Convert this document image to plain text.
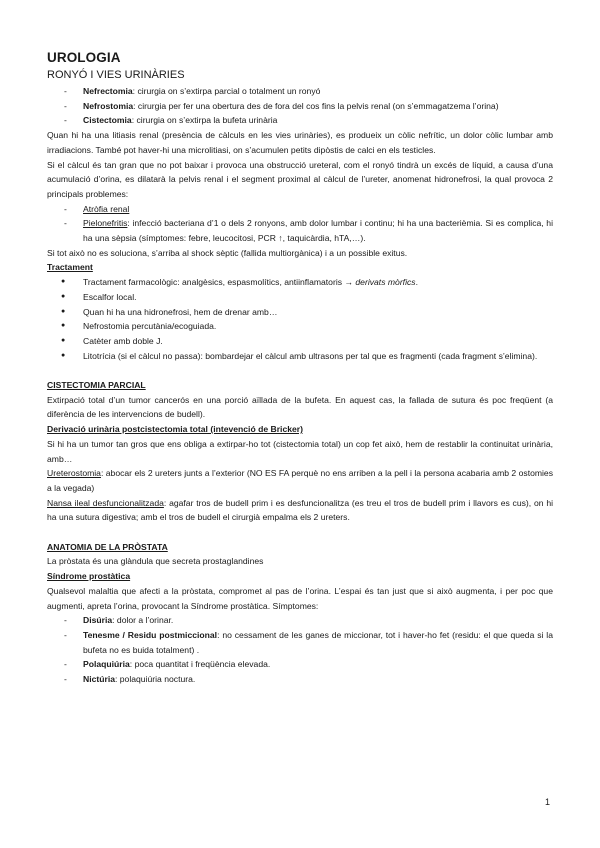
UROLOGIA
RONYÓ I VIES URINÀRIES
- Nefrectomia: cirurgia on s’extirpa parcial o totalment un ronyó
- Nefrostomia: cirurgia per fer una obertura des de fora del cos fins la pelvis renal (on s’emmagatzema l’orina)
- Cistectomia: cirurgia on s’extirpa la bufeta urinària

Quan hi ha una litiasis renal (presència de càlculs en les vies urinàries), es produeix un còlic nefrític, un dolor còlic lumbar amb irradiacions. També pot haver-hi una microlitiasi, on s’acumulen petits dipòstis de calci en els testicles.

Si el càlcul és tan gran que no pot baixar i provoca una obstrucció ureteral, com el ronyó tindrà un excés de líquid, a causa d’una acumulació d’orina, es dilatarà la pelvis renal i el segment proximal al càlcul de l’ureter, anomenat hidronefrosi, la qual provoca 2 principals problemes:

- Atròfia renal
- Pielonefritis: infecció bacteriana d’1 o dels 2 ronyons, amb dolor lumbar i continu; hi ha una bacterièmia. Si es complica, hi ha una sèpsia (símptomes: febre, leucocitosi, PCR ↑, taquicàrdia, hTA,…).

Si tot això no es soluciona, s’arriba al shock sèptic (fallida multiorgànica) i a un possible exitus.

Tractament
● Tractament farmacològic: analgèsics, espasmolítics, antiinflamatoris → derivats mòrfics.
● Escalfor local.
● Quan hi ha una hidronefrosi, hem de drenar amb…
● Nefrostomia percutània/ecoguiada.
● Catèter amb doble J.
● Litotrícia (si el càlcul no passa): bombardejar el càlcul amb ultrasons per tal que es fragmenti (cada fragment s’elimina).
CISTECTOMIA PARCIAL

Extirpació total d’un tumor cancerós en una porció aïllada de la bufeta. En aquest cas, la fallada de sutura és poc freqüent (a diferència de les intervencions de budell).

Derivació urinària postcistectomia total (intevenció de Bricker)

Si hi ha un tumor tan gros que ens obliga a extirpar-ho tot (cistectomia total) un cop fet això, hem de restablir la continuitat urinària, amb…

Ureterostomia: abocar els 2 ureters junts a l’exterior (NO ES FA perquè no ens arriben a la pell i la persona acabaria amb 2 ostomies a la vegada)

Nansa ileal desfuncionalitzada: agafar tros de budell prim i es desfuncionalitza (es treu el tros de budell prim i llavors es cus), on hi ha una sutura digestiva; amb el tros de budell el cirurgià empalma els 2 ureters.

ANATOMIA DE LA PRÒSTATA

La pròstata és una glàndula que secreta prostaglandines

Síndrome prostàtica

Qualsevol malaltia que afecti a la pròstata, compromet al pas de l’orina. L’espai és tan just que si això augmenta, i per poc que augmenti, apreta l’orina, provocant la Síndrome prostàtica. Símptomes:

- Disúria: dolor a l’orinar.
- Tenesme / Residu postmiccional: no cessament de les ganes de miccionar, tot i haver-ho fet (residu: el que queda si la bufeta no es buida totalment) .
- Polaquiúria: poca quantitat i freqüència elevada.
- Nictúria: polaquiúria noctura.
1
